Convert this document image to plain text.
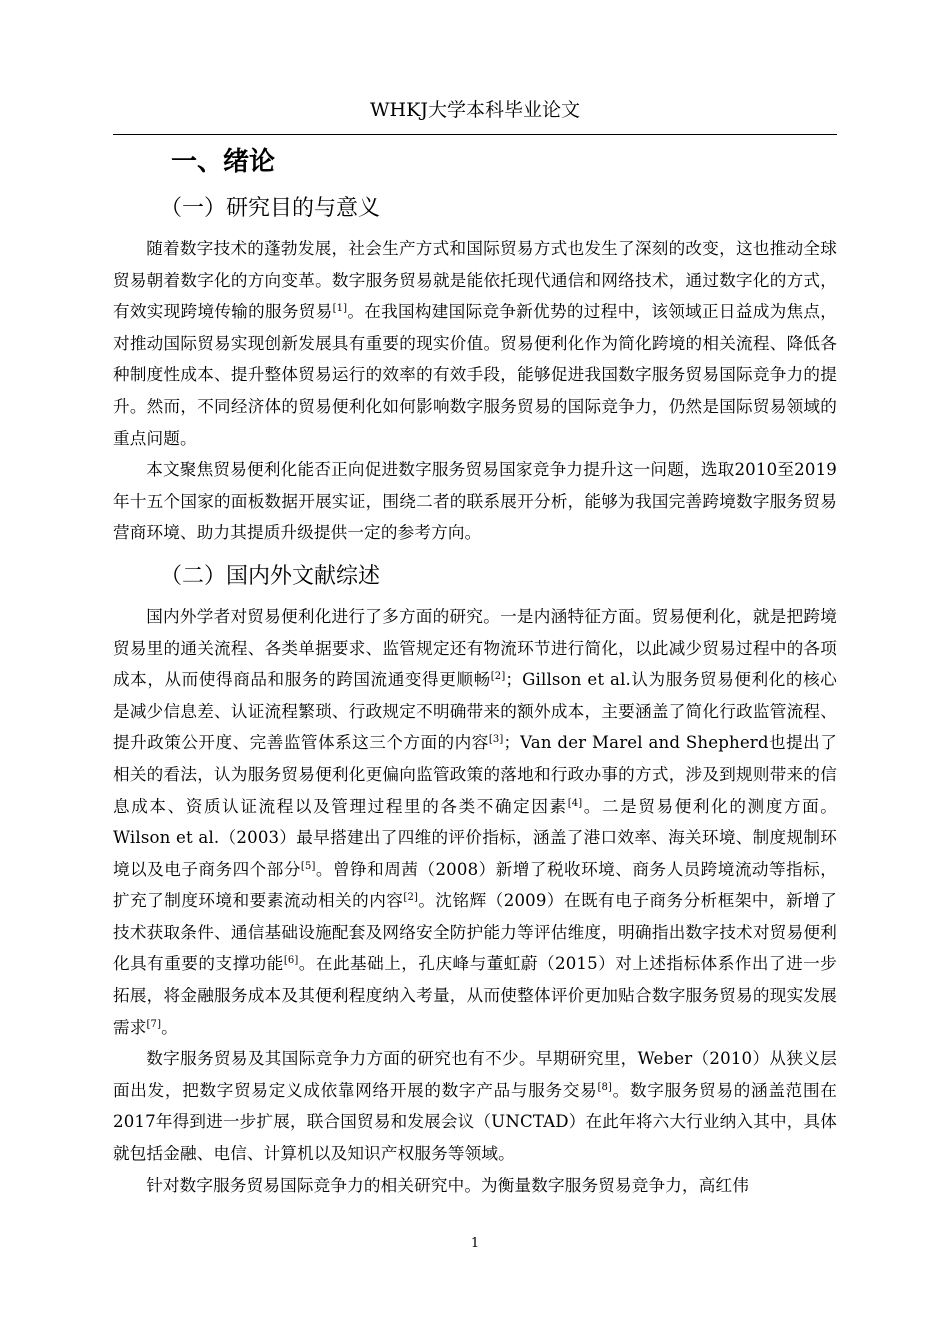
WHKJ大学本科毕业论文
一、绪论
（一）研究目的与意义

随着数字技术的蓬勃发展，社会生产方式和国际贸易方式也发生了深刻的改变，这也推动全球贸易朝着数字化的方向变革。数字服务贸易就是能依托现代通信和网络技术，通过数字化的方式，有效实现跨境传输的服务贸易[1]。在我国构建国际竞争新优势的过程中，该领域正日益成为焦点，对推动国际贸易实现创新发展具有重要的现实价值。贸易便利化作为简化跨境的相关流程、降低各种制度性成本、提升整体贸易运行的效率的有效手段，能够促进我国数字服务贸易国际竞争力的提升。然而，不同经济体的贸易便利化如何影响数字服务贸易的国际竞争力，仍然是国际贸易领域的重点问题。

本文聚焦贸易便利化能否正向促进数字服务贸易国家竞争力提升这一问题，选取2010至2019年十五个国家的面板数据开展实证，围绕二者的联系展开分析，能够为我国完善跨境数字服务贸易营商环境、助力其提质升级提供一定的参考方向。

（二）国内外文献综述

国内外学者对贸易便利化进行了多方面的研究。一是内涵特征方面。贸易便利化，就是把跨境贸易里的通关流程、各类单据要求、监管规定还有物流环节进行简化，以此减少贸易过程中的各项成本，从而使得商品和服务的跨国流通变得更顺畅[2]；Gillson et al.认为服务贸易便利化的核心是减少信息差、认证流程繁琐、行政规定不明确带来的额外成本，主要涵盖了简化行政监管流程、提升政策公开度、完善监管体系这三个方面的内容[3]；Van der Marel and Shepherd也提出了相关的看法，认为服务贸易便利化更偏向监管政策的落地和行政办事的方式，涉及到规则带来的信息成本、资质认证流程以及管理过程里的各类不确定因素[4]。二是贸易便利化的测度方面。Wilson et al.（2003）最早搭建出了四维的评价指标，涵盖了港口效率、海关环境、制度规制环境以及电子商务四个部分[5]。曾铮和周茜（2008）新增了税收环境、商务人员跨境流动等指标，扩充了制度环境和要素流动相关的内容[2]。沈铭辉（2009）在既有电子商务分析框架中，新增了技术获取条件、通信基础设施配套及网络安全防护能力等评估维度，明确指出数字技术对贸易便利化具有重要的支撑功能[6]。在此基础上，孔庆峰与董虹蔚（2015）对上述指标体系作出了进一步拓展，将金融服务成本及其便利程度纳入考量，从而使整体评价更加贴合数字服务贸易的现实发展需求[7]。

数字服务贸易及其国际竞争力方面的研究也有不少。早期研究里，Weber（2010）从狭义层面出发，把数字贸易定义成依靠网络开展的数字产品与服务交易[8]。数字服务贸易的涵盖范围在2017年得到进一步扩展，联合国贸易和发展会议（UNCTAD）在此年将六大行业纳入其中，具体就包括金融、电信、计算机以及知识产权服务等领域。

针对数字服务贸易国际竞争力的相关研究中。为衡量数字服务贸易竞争力，高红伟

1
